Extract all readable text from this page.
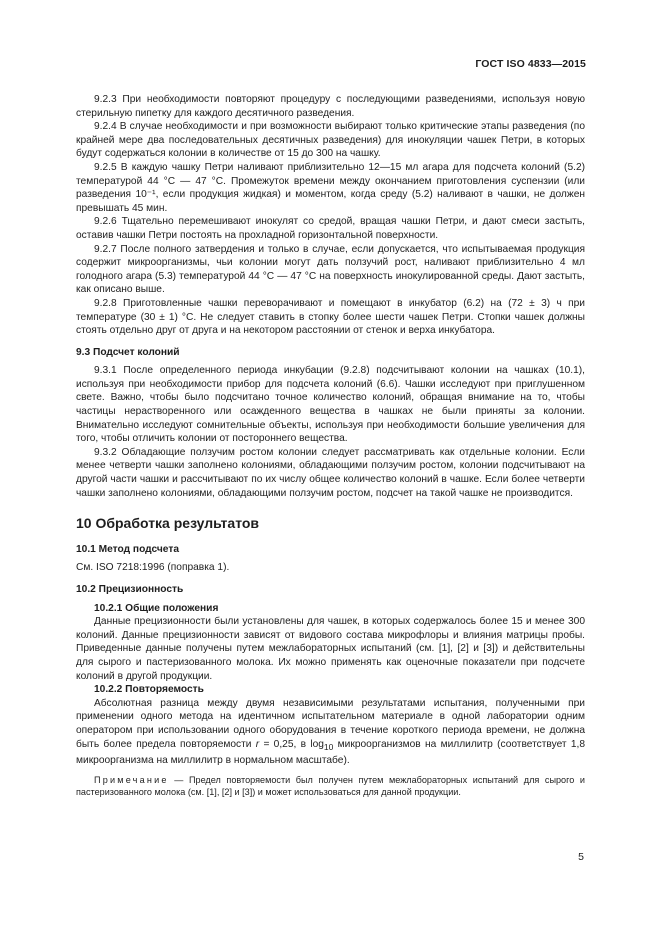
ГОСТ ISO 4833—2015

9.2.3 При необходимости повторяют процедуру с последующими разведениями, используя новую стерильную пипетку для каждого десятичного разведения.

9.2.4 В случае необходимости и при возможности выбирают только критические этапы разведения (по крайней мере два последовательных десятичных разведения) для инокуляции чашек Петри, в которых будут содержаться колонии в количестве от 15 до 300 на чашку.

9.2.5 В каждую чашку Петри наливают приблизительно 12—15 мл агара для подсчета колоний (5.2) температурой 44 °С — 47 °С. Промежуток времени между окончанием приготовления суспензии (или разведения 10⁻¹, если продукция жидкая) и моментом, когда среду (5.2) наливают в чашки, не должен превышать 45 мин.

9.2.6 Тщательно перемешивают инокулят со средой, вращая чашки Петри, и дают смеси застыть, оставив чашки Петри постоять на прохладной горизонтальной поверхности.

9.2.7 После полного затвердения и только в случае, если допускается, что испытываемая продукция содержит микроорганизмы, чьи колонии могут дать ползучий рост, наливают приблизительно 4 мл голодного агара (5.3) температурой 44 °С — 47 °С на поверхность инокулированной среды. Дают застыть, как описано выше.

9.2.8 Приготовленные чашки переворачивают и помещают в инкубатор (6.2) на (72 ± 3) ч при температуре (30 ± 1) °С. Не следует ставить в стопку более шести чашек Петри. Стопки чашек должны стоять отдельно друг от друга и на некотором расстоянии от стенок и верха инкубатора.

9.3 Подсчет колоний

9.3.1 После определенного периода инкубации (9.2.8) подсчитывают колонии на чашках (10.1), используя при необходимости прибор для подсчета колоний (6.6). Чашки исследуют при приглушенном свете. Важно, чтобы было подсчитано точное количество колоний, обращая внимание на то, чтобы частицы нерастворенного или осажденного вещества в чашках не были приняты за колонии. Внимательно исследуют сомнительные объекты, используя при необходимости большие увеличения для того, чтобы отличить колонии от постороннего вещества.

9.3.2 Обладающие ползучим ростом колонии следует рассматривать как отдельные колонии. Если менее четверти чашки заполнено колониями, обладающими ползучим ростом, колонии подсчитывают на другой части чашки и рассчитывают по их числу общее количество колоний в чашке. Если более четверти чашки заполнено колониями, обладающими ползучим ростом, подсчет на такой чашке не производится.

10 Обработка результатов
10.1 Метод подсчета

См. ISO 7218:1996 (поправка 1).

10.2 Прецизионность

10.2.1 Общие положения

Данные прецизионности были установлены для чашек, в которых содержалось более 15 и менее 300 колоний. Данные прецизионности зависят от видового состава микрофлоры и влияния матрицы пробы. Приведенные данные получены путем межлабораторных испытаний (см. [1], [2] и [3]) и действительны для сырого и пастеризованного молока. Их можно применять как оценочные показатели при подсчете колоний в другой продукции.

10.2.2 Повторяемость

Абсолютная разница между двумя независимыми результатами испытания, полученными при применении одного метода на идентичном испытательном материале в одной лаборатории одним оператором при использовании одного оборудования в течение короткого периода времени, не должна быть более предела повторяемости r = 0,25, в $\log_{10}$ микроорганизмов на миллилитр (соответствует 1,8 микроорганизма на миллилитр в нормальном масштабе).

Примечание — Предел повторяемости был получен путем межлабораторных испытаний для сырого и пастеризованного молока (см. [1], [2] и [3]) и может использоваться для данной продукции.

5
